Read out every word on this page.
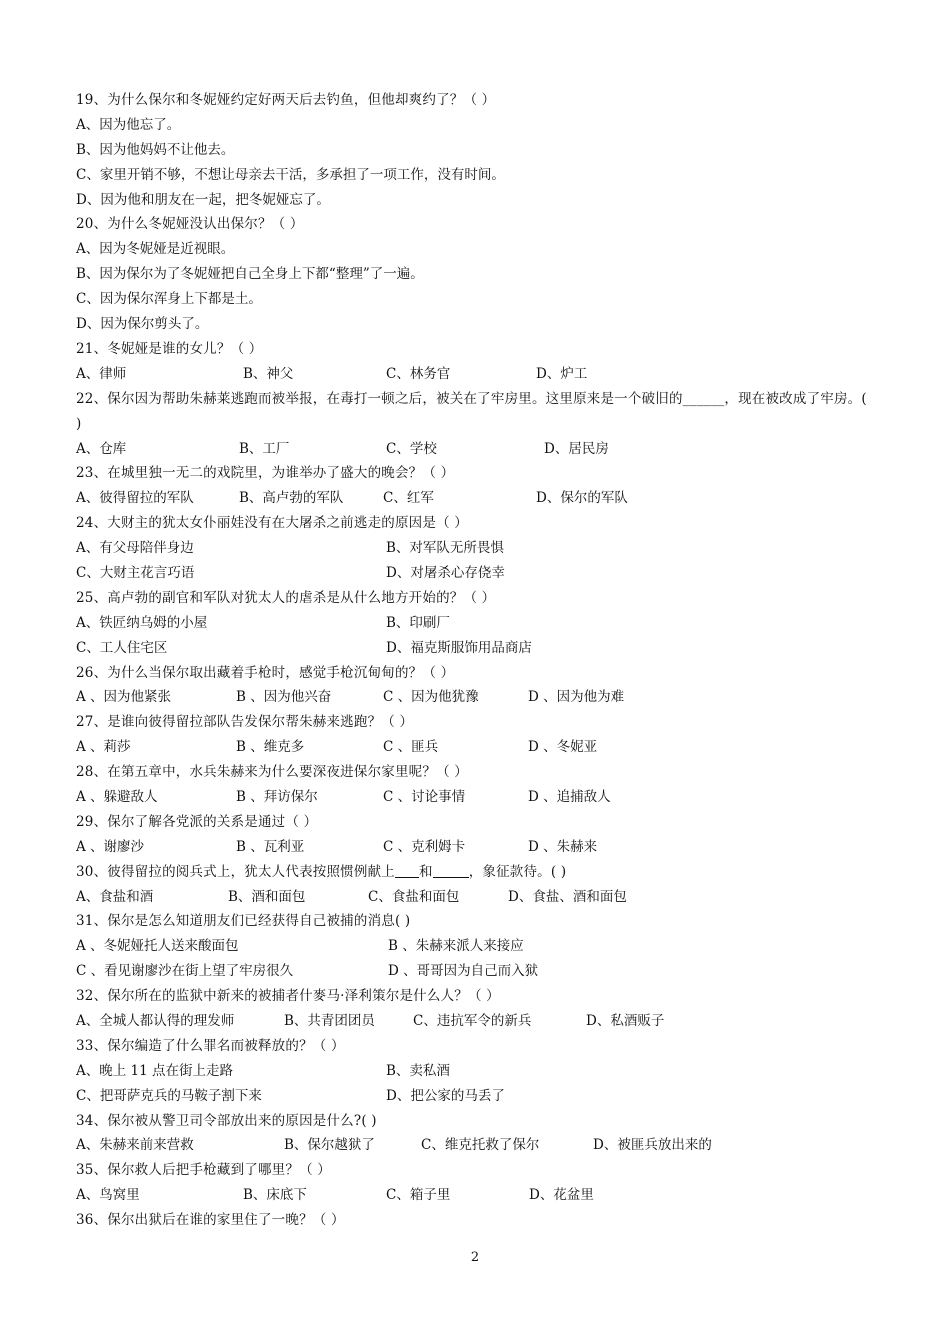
19、为什么保尔和冬妮娅约定好两天后去钓鱼，但他却爽约了？（ ）
A、因为他忘了。
B、因为他妈妈不让他去。
C、家里开销不够，不想让母亲去干活，多承担了一项工作，没有时间。
D、因为他和朋友在一起，把冬妮娅忘了。
20、为什么冬妮娅没认出保尔？（ ）
A、因为冬妮娅是近视眼。
B、因为保尔为了冬妮娅把自己全身上下都“整理”了一遍。
C、因为保尔浑身上下都是土。
D、因为保尔剪头了。
21、冬妮娅是谁的女儿？（ ）
A、律师	B、神父	C、林务官	D、炉工
22、保尔因为帮助朱赫莱逃跑而被举报，在毒打一顿之后，被关在了牢房里。这里原来是一个破旧的______，现在被改成了牢房。( )
A、仓库	B、工厂	C、学校	D、居民房
23、在城里独一无二的戏院里，为谁举办了盛大的晚会？（ ）
A、彼得留拉的军队	B、高卢勃的军队	C、红军	D、保尔的军队
24、大财主的犹太女仆丽娃没有在大屠杀之前逃走的原因是（ ）
A、有父母陪伴身边	B、对军队无所畏惧
C、大财主花言巧语	D、对屠杀心存侥幸
25、高卢勃的副官和军队对犹太人的虐杀是从什么地方开始的？（ ）
A、铁匠纳乌姆的小屋	B、印刷厂
C、工人住宅区	D、福克斯服饰用品商店
26、为什么当保尔取出藏着手枪时，感觉手枪沉甸甸的？（ ）
A 、因为他紧张	B 、因为他兴奋	C 、因为他犹豫	D 、因为他为难
27、是谁向彼得留拉部队告发保尔帮朱赫来逃跑？（ ）
A 、莉莎	B 、维克多	C 、匪兵	D 、冬妮亚
28、在第五章中，水兵朱赫来为什么要深夜进保尔家里呢？（ ）
A 、躲避敌人	B 、拜访保尔	C 、讨论事情	D 、追捕敌人
29、保尔了解各党派的关系是通过（ ）
A 、谢廖沙	B 、瓦利亚	C 、克利姆卡	D 、朱赫来
30、彼得留拉的阅兵式上，犹太人代表按照惯例献上 和	，象征款待。( )
A、食盐和酒	B、酒和面包	C、食盐和面包	D、食盐、酒和面包
31、保尔是怎么知道朋友们已经获得自己被捕的消息( )
A 、冬妮娅托人送来酸面包	B 、朱赫来派人来接应
C 、看见谢廖沙在街上望了牢房很久	D 、哥哥因为自己而入狱
32、保尔所在的监狱中新来的被捕者什麥马·泽利策尔是什么人？（ ）
A、全城人都认得的理发师	B、共青团团员	C、违抗军令的新兵	D、私酒贩子
33、保尔编造了什么罪名而被释放的？（ ）
A、晚上 11 点在街上走路	B、卖私酒
C、把哥萨克兵的马鞍子割下来	D、把公家的马丢了
34、保尔被从警卫司令部放出来的原因是什么?( )
A、朱赫来前来营救	B、保尔越狱了	C、维克托救了保尔	D、被匪兵放出来的
35、保尔救人后把手枪藏到了哪里？（ ）
A、鸟窝里	B、床底下	C、箱子里	D、花盆里
36、保尔出狱后在谁的家里住了一晚？（ ）
2
